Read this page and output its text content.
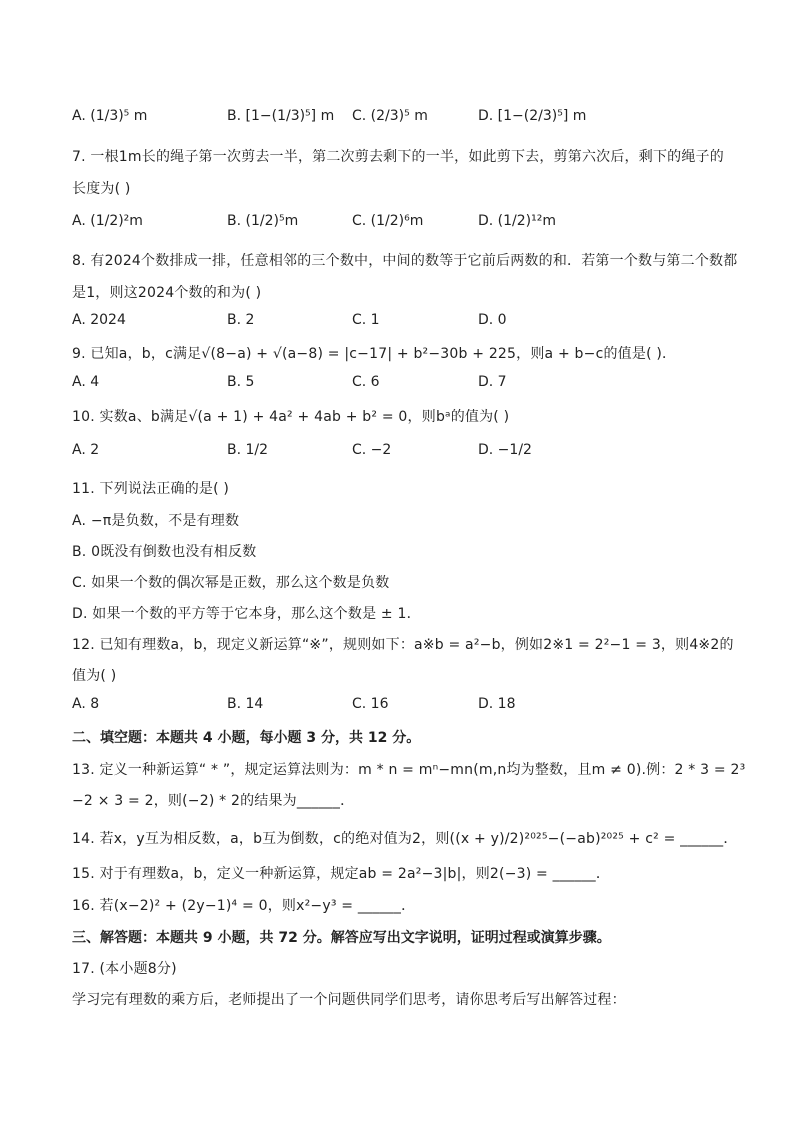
A. (1/3)⁵ m	B. [1−(1/3)⁵] m C. (2/3)⁵ m	D. [1−(2/3)⁵] m
7. 一根1m长的绳子第一次剪去一半，第二次剪去剩下的一半，如此剪下去，剪第六次后，剩下的绳子的
长度为( )
A. (1/2)²m	B. (1/2)⁵m	C. (1/2)⁶m	D. (1/2)¹²m
8. 有2024个数排成一排，任意相邻的三个数中，中间的数等于它前后两数的和．若第一个数与第二个数都
是1，则这2024个数的和为( )
A. 2024	B. 2	C. 1	D. 0
9. 已知a，b，c满足√(8−a) + √(a−8) = |c−17| + b²−30b + 225，则a + b−c的值是( )．
A. 4	B. 5	C. 6	D. 7
10. 实数a、b满足√(a + 1) + 4a² + 4ab + b² = 0，则bᵃ的值为( )
A. 2	B. 1/2	C. −2	D. −1/2
11. 下列说法正确的是( )
A. −π是负数，不是有理数
B. 0既没有倒数也没有相反数
C. 如果一个数的偶次幂是正数，那么这个数是负数
D. 如果一个数的平方等于它本身，那么这个数是 ± 1．
12. 已知有理数a，b，现定义新运算“※”，规则如下：a※b = a²−b，例如2※1 = 2²−1 = 3，则4※2的
值为( )
A. 8	B. 14	C. 16	D. 18
二、填空题：本题共 4 小题，每小题 3 分，共 12 分。
13. 定义一种新运算“ * ”，规定运算法则为：m * n = mⁿ−mn(m,n均为整数，且m ≠ 0).例：2 * 3 = 2³
−2 × 3 = 2，则(−2) * 2的结果为______．
14. 若x，y互为相反数，a，b互为倒数，c的绝对值为2，则((x + y)/2)²⁰²⁵−(−ab)²⁰²⁵ + c² = ______．
15. 对于有理数a，b，定义一种新运算，规定ab = 2a²−3|b|，则2(−3) = ______．
16. 若(x−2)² + (2y−1)⁴ = 0，则x²−y³ = ______．
三、解答题：本题共 9 小题，共 72 分。解答应写出文字说明，证明过程或演算步骤。
17. (本小题8分)
学习完有理数的乘方后，老师提出了一个问题供同学们思考，请你思考后写出解答过程：
